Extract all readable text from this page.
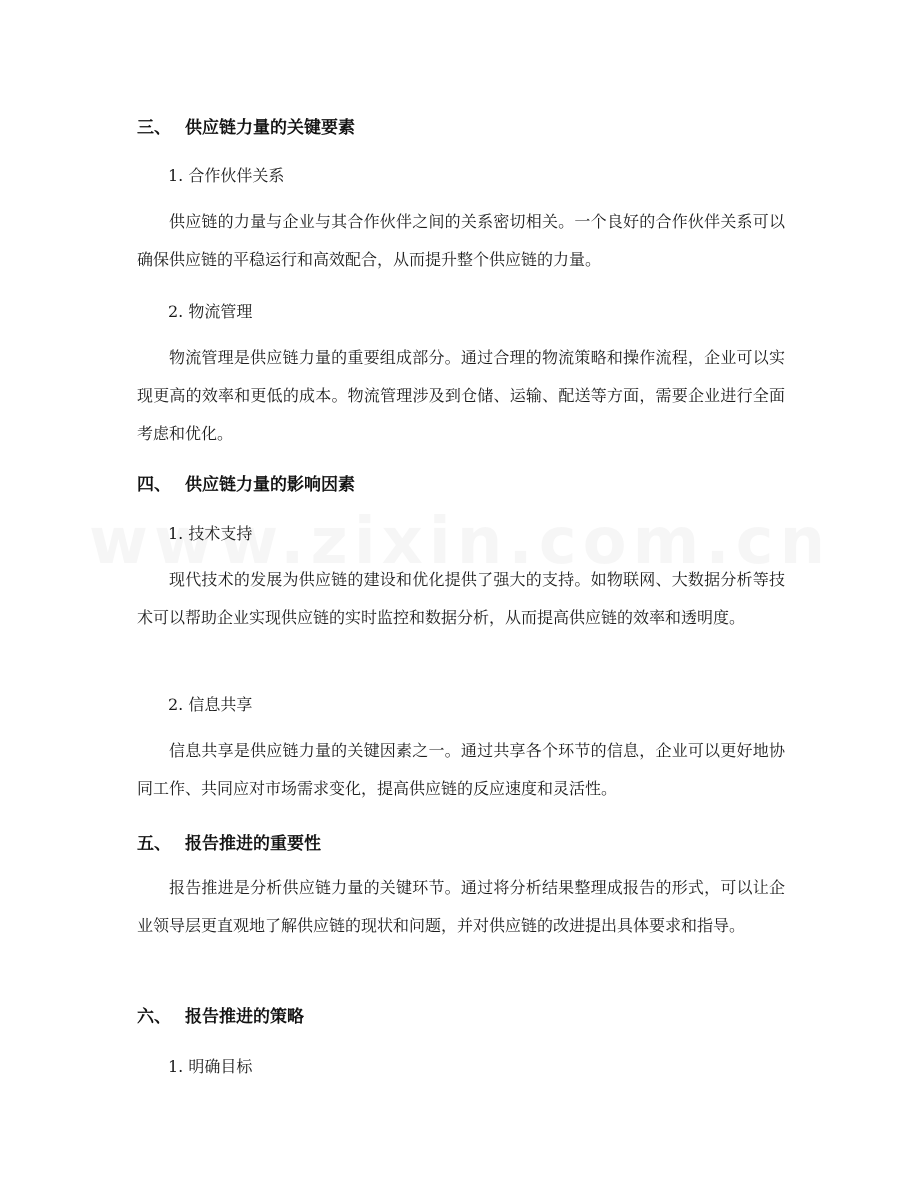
三、 供应链力量的关键要素
1. 合作伙伴关系
供应链的力量与企业与其合作伙伴之间的关系密切相关。一个良好的合作伙伴关系可以确保供应链的平稳运行和高效配合，从而提升整个供应链的力量。
2. 物流管理
物流管理是供应链力量的重要组成部分。通过合理的物流策略和操作流程，企业可以实现更高的效率和更低的成本。物流管理涉及到仓储、运输、配送等方面，需要企业进行全面考虑和优化。
四、 供应链力量的影响因素
1. 技术支持
现代技术的发展为供应链的建设和优化提供了强大的支持。如物联网、大数据分析等技术可以帮助企业实现供应链的实时监控和数据分析，从而提高供应链的效率和透明度。
2. 信息共享
信息共享是供应链力量的关键因素之一。通过共享各个环节的信息，企业可以更好地协同工作、共同应对市场需求变化，提高供应链的反应速度和灵活性。
五、 报告推进的重要性
报告推进是分析供应链力量的关键环节。通过将分析结果整理成报告的形式，可以让企业领导层更直观地了解供应链的现状和问题，并对供应链的改进提出具体要求和指导。
六、 报告推进的策略
1. 明确目标
